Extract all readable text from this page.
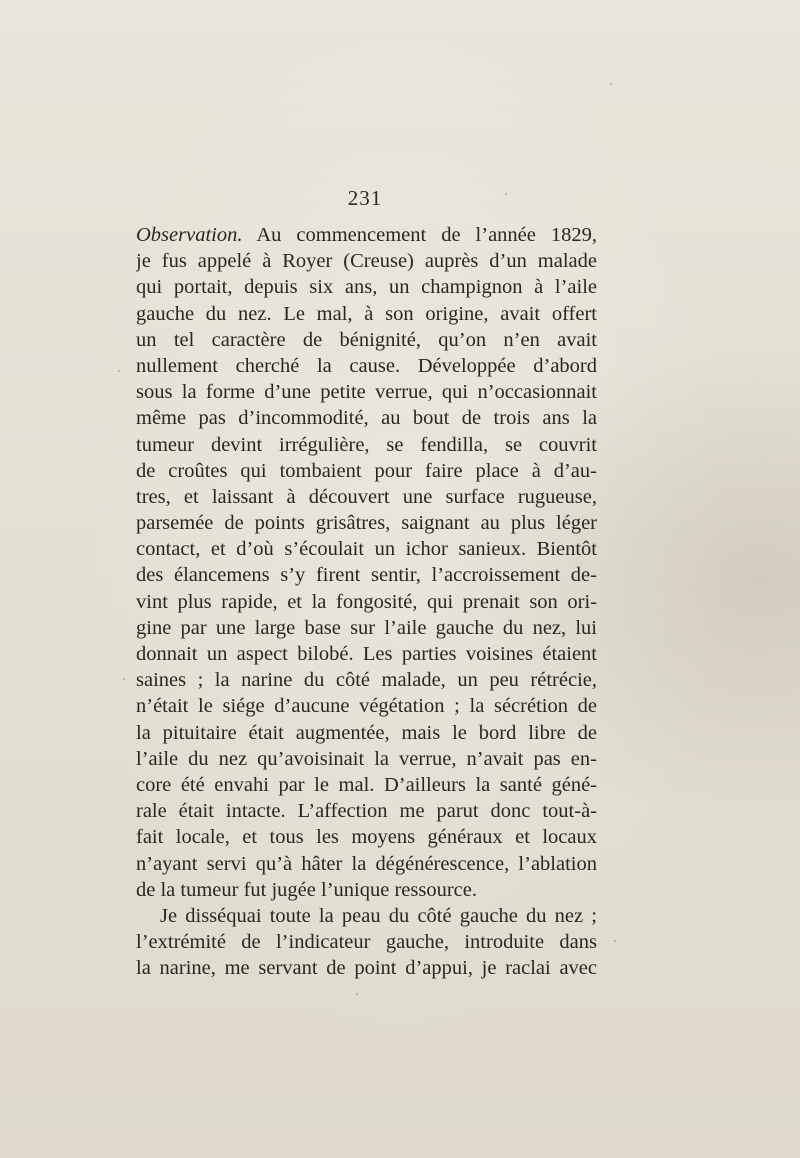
231
Observation. Au commencement de l’année 1829,
je fus appelé à Royer (Creuse) auprès d’un malade
qui portait, depuis six ans, un champignon à l’aile
gauche du nez. Le mal, à son origine, avait offert
un tel caractère de bénignité, qu’on n’en avait
nullement cherché la cause. Développée d’abord
sous la forme d’une petite verrue, qui n’occasionnait
même pas d’incommodité, au bout de trois ans la
tumeur devint irrégulière, se fendilla, se couvrit
de croûtes qui tombaient pour faire place à d’au-
tres, et laissant à découvert une surface rugueuse,
parsemée de points grisâtres, saignant au plus léger
contact, et d’où s’écoulait un ichor sanieux. Bientôt
des élancemens s’y firent sentir, l’accroissement de-
vint plus rapide, et la fongosité, qui prenait son ori-
gine par une large base sur l’aile gauche du nez, lui
donnait un aspect bilobé. Les parties voisines étaient
saines ; la narine du côté malade, un peu rétrécie,
n’était le siége d’aucune végétation ; la sécrétion de
la pituitaire était augmentée, mais le bord libre de
l’aile du nez qu’avoisinait la verrue, n’avait pas en-
core été envahi par le mal. D’ailleurs la santé géné-
rale était intacte. L’affection me parut donc tout-à-
fait locale, et tous les moyens généraux et locaux
n’ayant servi qu’à hâter la dégénérescence, l’ablation
de la tumeur fut jugée l’unique ressource.
Je disséquai toute la peau du côté gauche du nez ;
l’extrémité de l’indicateur gauche, introduite dans
la narine, me servant de point d’appui, je raclai avec
